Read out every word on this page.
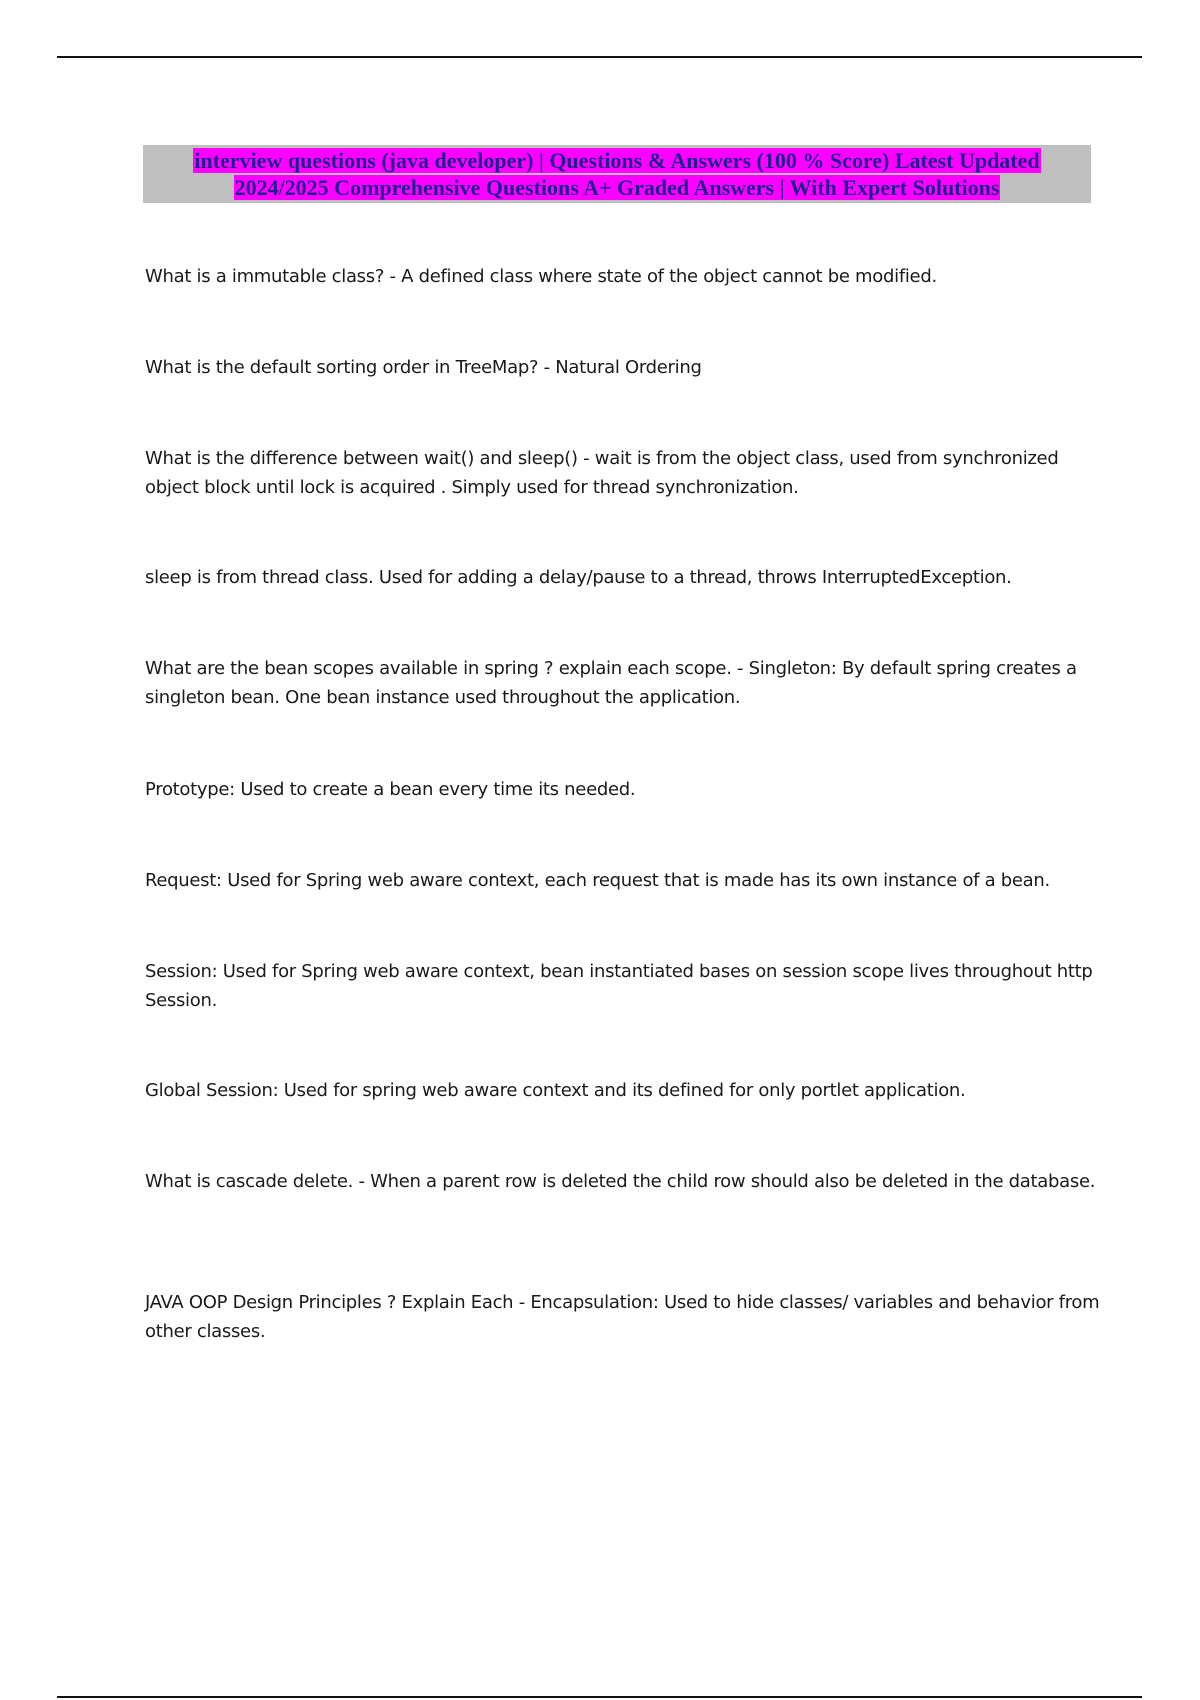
interview questions (java developer) | Questions & Answers (100 % Score) Latest Updated
2024/2025 Comprehensive Questions A+ Graded Answers | With Expert Solutions

What is a immutable class? - A defined class where state of the object cannot be modified.

What is the default sorting order in TreeMap? - Natural Ordering

What is the difference between wait() and sleep() - wait is from the object class, used from synchronized object block until lock is acquired . Simply used for thread synchronization.

sleep is from thread class. Used for adding a delay/pause to a thread, throws InterruptedException.

What are the bean scopes available in spring ? explain each scope. - Singleton: By default spring creates a singleton bean. One bean instance used throughout the application.

Prototype: Used to create a bean every time its needed.

Request: Used for Spring web aware context, each request that is made has its own instance of a bean.

Session: Used for Spring web aware context, bean instantiated bases on session scope lives throughout http Session.

Global Session: Used for spring web aware context and its defined for only portlet application.

What is cascade delete. - When a parent row is deleted the child row should also be deleted in the database.

JAVA OOP Design Principles ? Explain Each - Encapsulation: Used to hide classes/ variables and behavior from other classes.
